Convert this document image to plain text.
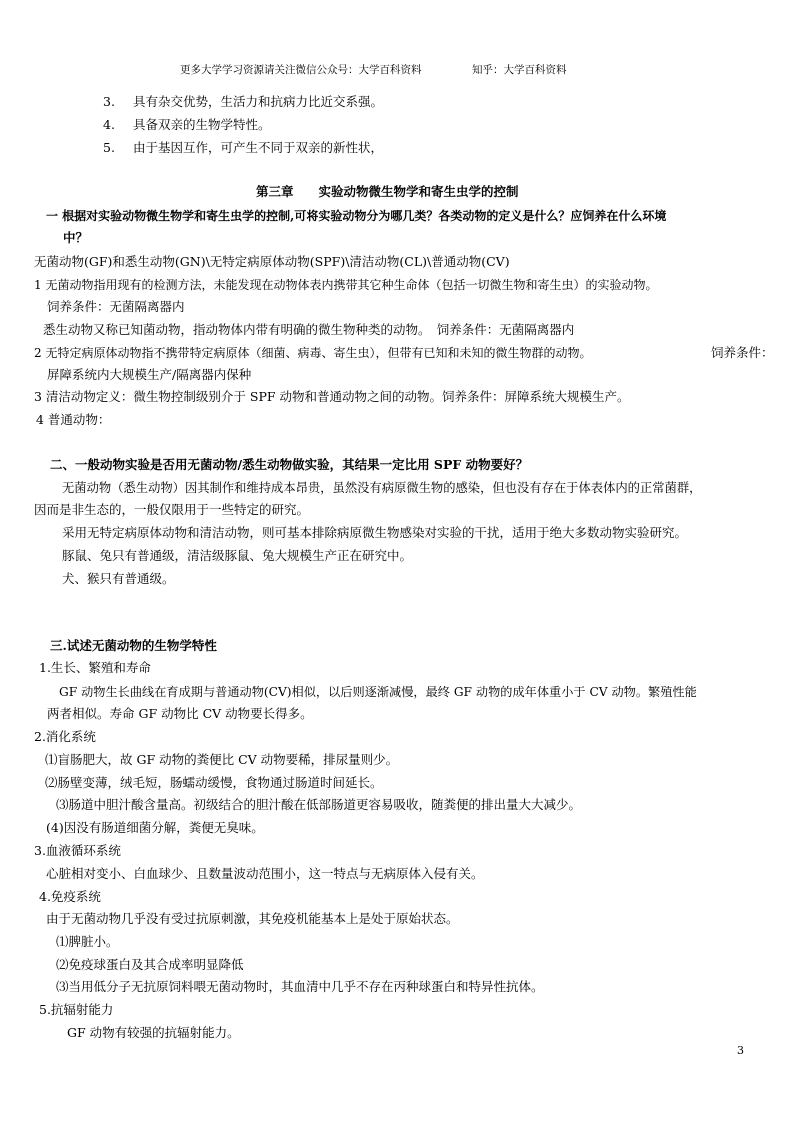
更多大学学习资源请关注微信公众号：大学百科资料	知乎：大学百科资料
3. 具有杂交优势，生活力和抗病力比近交系强。
4. 具备双亲的生物学特性。
5. 由于基因互作，可产生不同于双亲的新性状，
第三章　　实验动物微生物学和寄生虫学的控制
一 根据对实验动物微生物学和寄生虫学的控制,可将实验动物分为哪几类？各类动物的定义是什么？应饲养在什么环境
中？
无菌动物(GF)和悉生动物(GN)\无特定病原体动物(SPF)\清洁动物(CL)\普通动物(CV)
1 无菌动物指用现有的检测方法，未能发现在动物体表内携带其它种生命体（包括一切微生物和寄生虫）的实验动物。
饲养条件：无菌隔离器内
悉生动物又称已知菌动物，指动物体内带有明确的微生物种类的动物。　饲养条件：无菌隔离器内
2 无特定病原体动物指不携带特定病原体（细菌、病毒、寄生虫），但带有已知和未知的微生物群的动物。	饲养条件：
屏障系统内大规模生产/隔离器内保种
3 清洁动物定义：微生物控制级别介于 SPF 动物和普通动物之间的动物。饲养条件：屏障系统大规模生产。
4 普通动物：
二、一般动物实验是否用无菌动物/悉生动物做实验，其结果一定比用 SPF 动物要好？
无菌动物（悉生动物）因其制作和维持成本昂贵，虽然没有病原微生物的感染，但也没有存在于体表体内的正常菌群，
因而是非生态的，一般仅限用于一些特定的研究。
采用无特定病原体动物和清洁动物，则可基本排除病原微生物感染对实验的干扰，适用于绝大多数动物实验研究。
豚鼠、兔只有普通级，清洁级豚鼠、兔大规模生产正在研究中。
犬、猴只有普通级。
三.试述无菌动物的生物学特性
1.生长、繁殖和寿命
GF 动物生长曲线在育成期与普通动物(CV)相似，以后则逐渐减慢，最终 GF 动物的成年体重小于 CV 动物。繁殖性能
两者相似。寿命 GF 动物比 CV 动物要长得多。
2.消化系统
⑴盲肠肥大，故 GF 动物的粪便比 CV 动物要稀，排尿量则少。
⑵肠壁变薄，绒毛短，肠蠕动缓慢，食物通过肠道时间延长。
⑶肠道中胆汁酸含量高。初级结合的胆汁酸在低部肠道更容易吸收，随粪便的排出量大大减少。
(4)因没有肠道细菌分解，粪便无臭味。
3.血液循环系统
心脏相对变小、白血球少、且数量波动范围小，这一特点与无病原体入侵有关。
4.免疫系统
由于无菌动物几乎没有受过抗原刺激，其免疫机能基本上是处于原始状态。
⑴脾脏小。
⑵免疫球蛋白及其合成率明显降低
⑶当用低分子无抗原饲料喂无菌动物时，其血清中几乎不存在丙种球蛋白和特异性抗体。
5.抗辐射能力
GF 动物有较强的抗辐射能力。
3
